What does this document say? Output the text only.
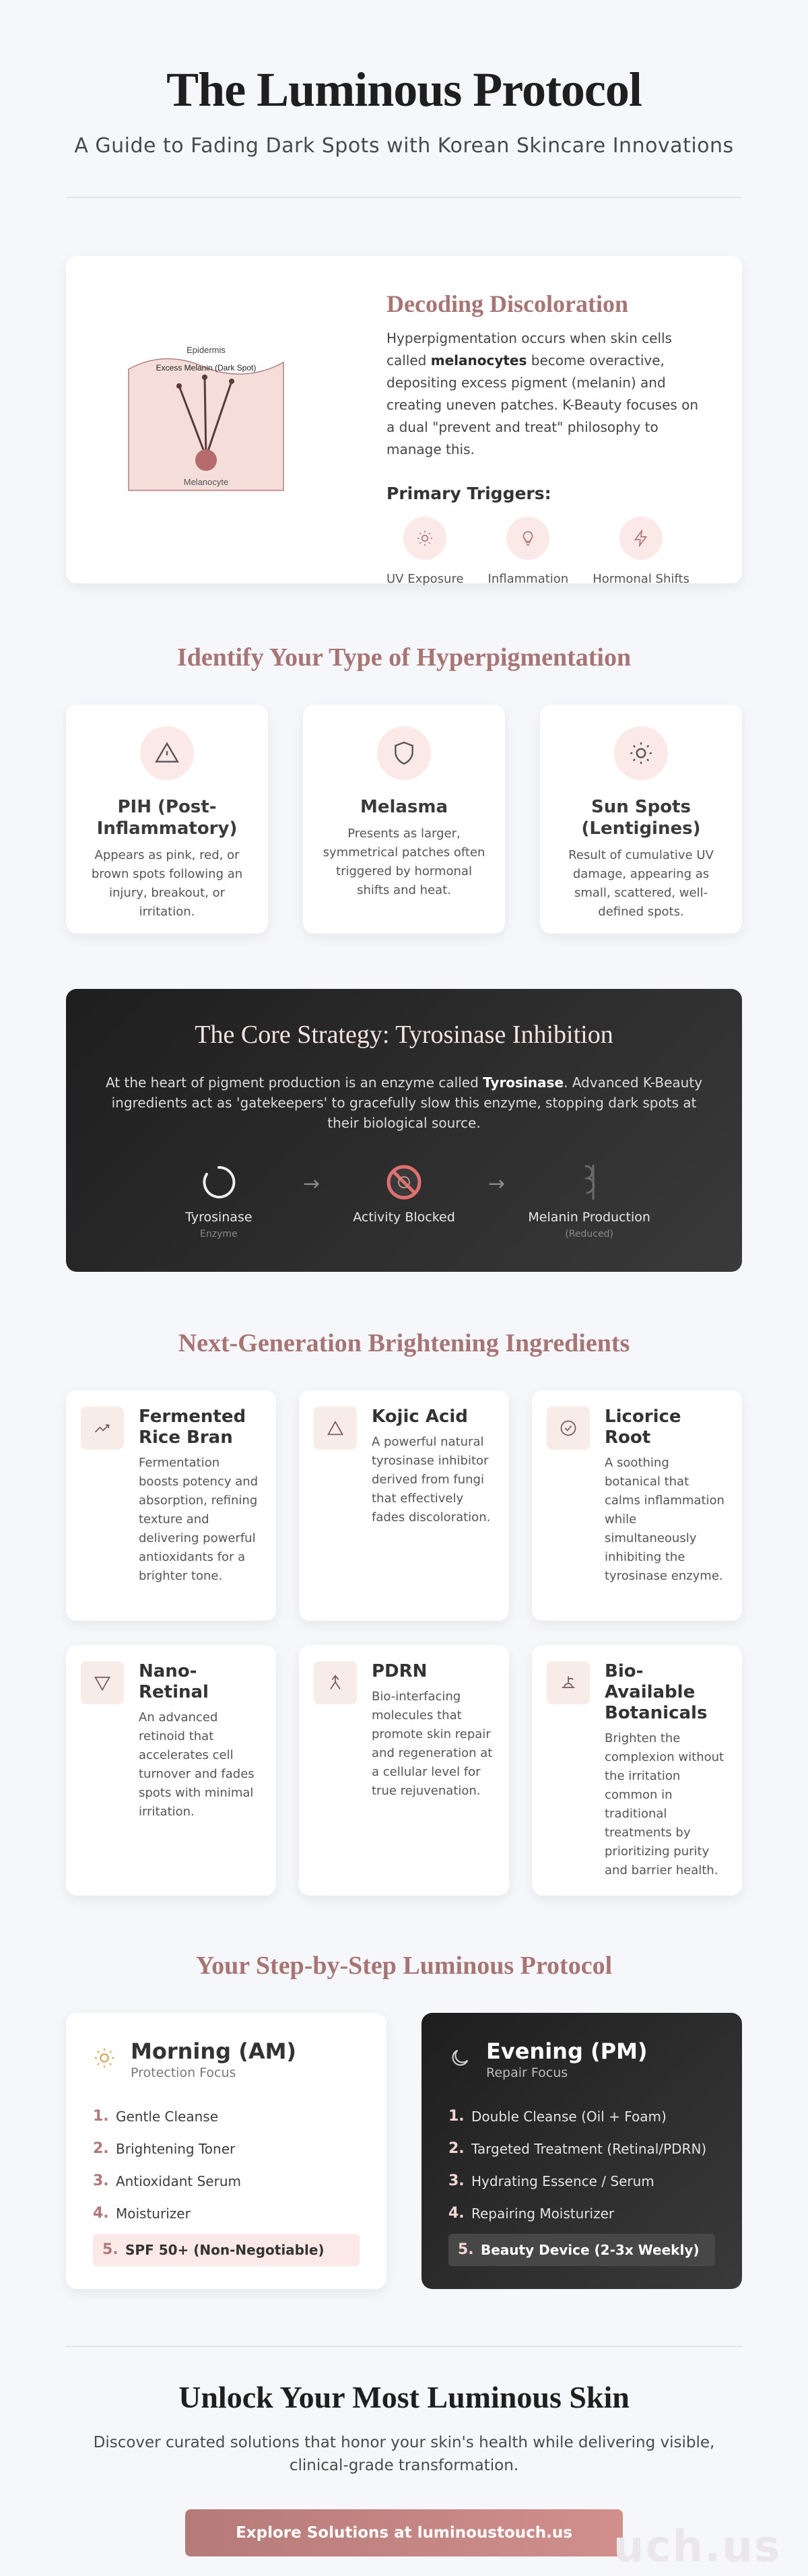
The Luminous Protocol
A Guide to Fading Dark Spots with Korean Skincare Innovations
Epidermis
Excess Melanin (Dark Spot)
Melanocyte
Decoding Discoloration

Hyperpigmentation occurs when skin cells called melanocytes become overactive, depositing excess pigment (melanin) and creating uneven patches. K-Beauty focuses on a dual "prevent and treat" philosophy to manage this.

Primary Triggers:
UV Exposure Inflammation Hormonal Shifts
Identify Your Type of Hyperpigmentation
PIH (Post-Inflammatory)

Appears as pink, red, or brown spots following an injury, breakout, or irritation.

Melasma

Presents as larger, symmetrical patches often triggered by hormonal shifts and heat.

Sun Spots (Lentigines)

Result of cumulative UV damage, appearing as small, scattered, well-defined spots.

The Core Strategy: Tyrosinase Inhibition

At the heart of pigment production is an enzyme called Tyrosinase. Advanced K-Beauty ingredients act as 'gatekeepers' to gracefully slow this enzyme, stopping dark spots at their biological source.

Tyrosinase
Enzyme
→
Activity Blocked
→
Melanin Production
(Reduced)
Next-Generation Brightening Ingredients
Fermented Rice Bran

Fermentation boosts potency and absorption, refining texture and delivering powerful antioxidants for a brighter tone.

Kojic Acid

A powerful natural tyrosinase inhibitor derived from fungi that effectively fades discoloration.

Licorice Root

A soothing botanical that calms inflammation while simultaneously inhibiting the tyrosinase enzyme.

Nano-Retinal

An advanced retinoid that accelerates cell turnover and fades spots with minimal irritation.

PDRN

Bio-interfacing molecules that promote skin repair and regeneration at a cellular level for true rejuvenation.

Bio-Available Botanicals

Brighten the complexion without the irritation common in traditional treatments by prioritizing purity and barrier health.

Your Step-by-Step Luminous Protocol
Morning (AM)
Protection Focus
1. Gentle Cleanse
2. Brightening Toner
3. Antioxidant Serum
4. Moisturizer
5. SPF 50+ (Non-Negotiable)
Evening (PM)
Repair Focus
1. Double Cleanse (Oil + Foam)
2. Targeted Treatment (Retinal/PDRN)
3. Hydrating Essence / Serum
4. Repairing Moisturizer
5. Beauty Device (2-3x Weekly)
Unlock Your Most Luminous Skin

Discover curated solutions that honor your skin's health while delivering visible, clinical-grade transformation.

Explore Solutions at luminoustouch.us uch.us
